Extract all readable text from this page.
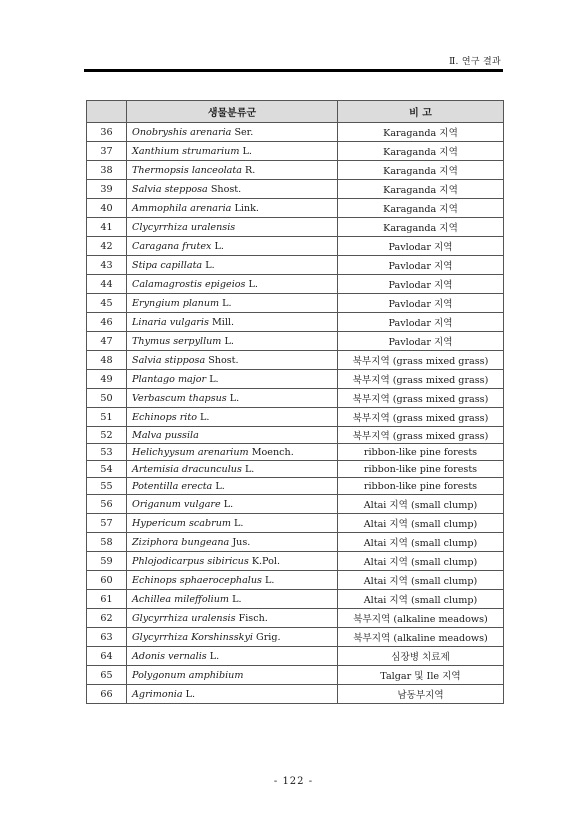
Ⅱ. 연구 결과
	생물분류군	비 고
36	Onobryshis arenaria Ser.	Karaganda 지역
37	Xanthium strumarium L.	Karaganda 지역
38	Thermopsis lanceolata R.	Karaganda 지역
39	Salvia stepposa Shost.	Karaganda 지역
40	Ammophila arenaria Link.	Karaganda 지역
41	Clycyrrhiza uralensis	Karaganda 지역
42	Caragana frutex L.	Pavlodar 지역
43	Stipa capillata L.	Pavlodar 지역
44	Calamagrostis epigeios L.	Pavlodar 지역
45	Eryngium planum L.	Pavlodar 지역
46	Linaria vulgaris Mill.	Pavlodar 지역
47	Thymus serpyllum L.	Pavlodar 지역
48	Salvia stipposa Shost.	북부지역 (grass mixed grass)
49	Plantago major L.	북부지역 (grass mixed grass)
50	Verbascum thapsus L.	북부지역 (grass mixed grass)
51	Echinops rito L.	북부지역 (grass mixed grass)
52	Malva pussila	북부지역 (grass mixed grass)
53	Helichyysum arenarium Moench.	ribbon-like pine forests
54	Artemisia dracunculus L.	ribbon-like pine forests
55	Potentilla erecta L.	ribbon-like pine forests
56	Origanum vulgare L.	Altai 지역 (small clump)
57	Hypericum scabrum L.	Altai 지역 (small clump)
58	Ziziphora bungeana Jus.	Altai 지역 (small clump)
59	Phlojodicarpus sibiricus K.Pol.	Altai 지역 (small clump)
60	Echinops sphaerocephalus L.	Altai 지역 (small clump)
61	Achillea mileffolium L.	Altai 지역 (small clump)
62	Glycyrrhiza uralensis Fisch.	북부지역 (alkaline meadows)
63	Glycyrrhiza Korshinsskyi Grig.	북부지역 (alkaline meadows)
64	Adonis vernalis L.	심장병 치료제
65	Polygonum amphibium	Talgar 및 Ile 지역
66	Agrimonia L.	남동부지역
- 122 -
